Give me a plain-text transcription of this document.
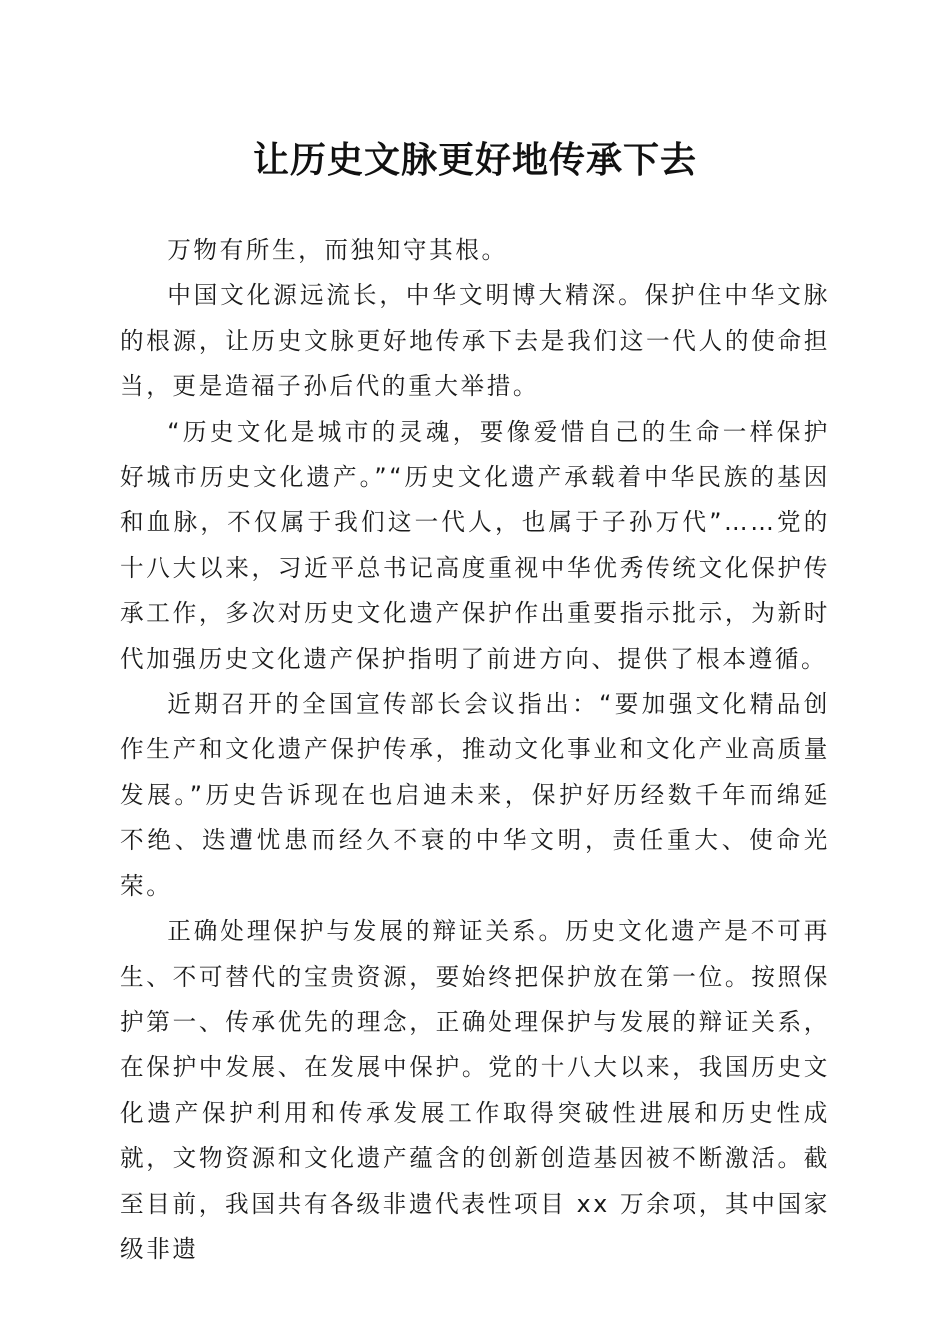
让历史文脉更好地传承下去

万物有所生，而独知守其根。

中国文化源远流长，中华文明博大精深。保护住中华文脉的根源，让历史文脉更好地传承下去是我们这一代人的使命担当，更是造福子孙后代的重大举措。

“历史文化是城市的灵魂，要像爱惜自己的生命一样保护好城市历史文化遗产。”“历史文化遗产承载着中华民族的基因和血脉，不仅属于我们这一代人，也属于子孙万代”……党的十八大以来，习近平总书记高度重视中华优秀传统文化保护传承工作，多次对历史文化遗产保护作出重要指示批示，为新时代加强历史文化遗产保护指明了前进方向、提供了根本遵循。

近期召开的全国宣传部长会议指出：“要加强文化精品创作生产和文化遗产保护传承，推动文化事业和文化产业高质量发展。”历史告诉现在也启迪未来，保护好历经数千年而绵延不绝、迭遭忧患而经久不衰的中华文明，责任重大、使命光荣。

正确处理保护与发展的辩证关系。历史文化遗产是不可再生、不可替代的宝贵资源，要始终把保护放在第一位。按照保护第一、传承优先的理念，正确处理保护与发展的辩证关系，在保护中发展、在发展中保护。党的十八大以来，我国历史文化遗产保护利用和传承发展工作取得突破性进展和历史性成就，文物资源和文化遗产蕴含的创新创造基因被不断激活。截至目前，我国共有各级非遗代表性项目 xx 万余项，其中国家级非遗
